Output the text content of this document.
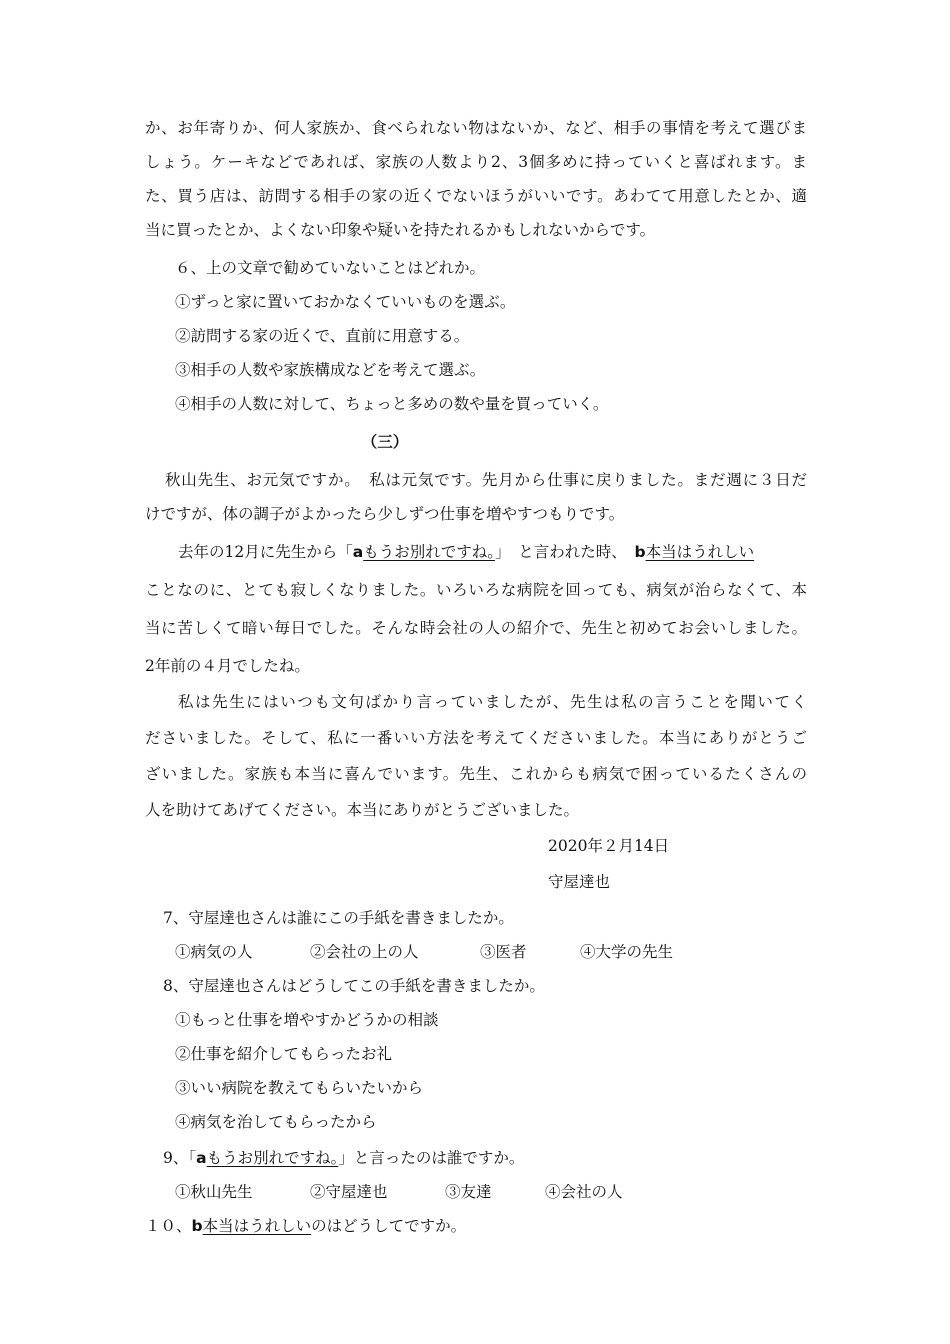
か、お年寄りか、何人家族か、食べられない物はないか、など、相手の事情を考えて選びま
しょう。ケーキなどであれば、家族の人数より2、3個多めに持っていくと喜ばれます。ま
た、買う店は、訪問する相手の家の近くでないほうがいいです。あわてて用意したとか、適
当に買ったとか、よくない印象や疑いを持たれるかもしれないからです。
６、上の文章で勧めていないことはどれか。
①ずっと家に置いておかなくていいものを選ぶ。
②訪問する家の近くで、直前に用意する。
③相手の人数や家族構成などを考えて選ぶ。
④相手の人数に対して、ちょっと多めの数や量を買っていく。
（三）
秋山先生、お元気ですか。　私は元気です。先月から仕事に戻りました。まだ週に３日だ
けですが、体の調子がよかったら少しずつ仕事を増やすつもりです。
去年の12月に先生から「aもうお別れですね。」　と言われた時、　b本当はうれしい
ことなのに、とても寂しくなりました。いろいろな病院を回っても、病気が治らなくて、本
当に苦しくて暗い毎日でした。そんな時会社の人の紹介で、先生と初めてお会いしました。
2年前の４月でしたね。
私は先生にはいつも文句ばかり言っていましたが、先生は私の言うことを聞いてく
ださいました。そして、私に一番いい方法を考えてくださいました。本当にありがとうご
ざいました。家族も本当に喜んでいます。先生、これからも病気で困っているたくさんの
人を助けてあげてください。本当にありがとうございました。
2020年２月14日
守屋達也
7、守屋達也さんは誰にこの手紙を書きましたか。
①病気の人	②会社の上の人	③医者	④大学の先生
8、守屋達也さんはどうしてこの手紙を書きましたか。
①もっと仕事を増やすかどうかの相談
②仕事を紹介してもらったお礼
③いい病院を教えてもらいたいから
④病気を治してもらったから
9、「aもうお別れですね。」と言ったのは誰ですか。
①秋山先生	②守屋達也	③友達	④会社の人
１０、b本当はうれしいのはどうしてですか。
